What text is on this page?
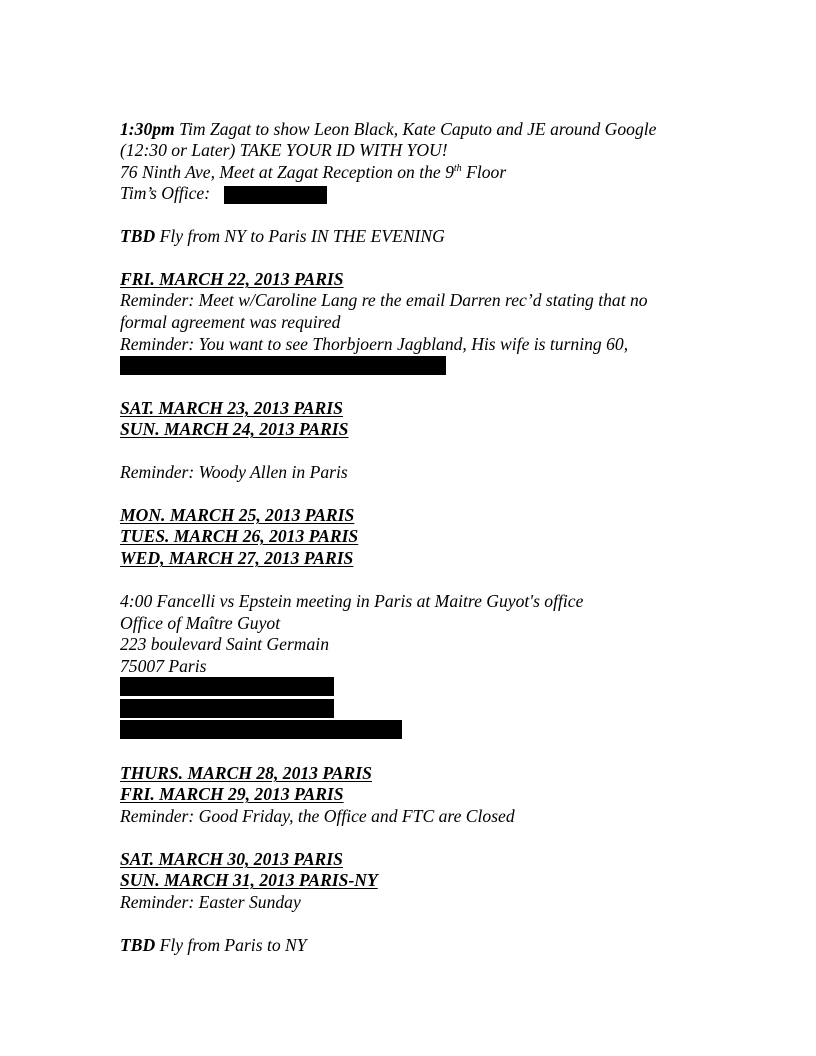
1:30pm Tim Zagat to show Leon Black, Kate Caputo and JE around Google
(12:30 or Later) TAKE YOUR ID WITH YOU!
76 Ninth Ave, Meet at Zagat Reception on the 9th Floor
Tim’s Office:
TBD Fly from NY to Paris IN THE EVENING
FRI. MARCH 22, 2013 PARIS
Reminder: Meet w/Caroline Lang re the email Darren rec’d stating that no
formal agreement was required
Reminder: You want to see Thorbjoern Jagbland, His wife is turning 60,
SAT. MARCH 23, 2013 PARIS
SUN. MARCH 24, 2013 PARIS
Reminder: Woody Allen in Paris
MON. MARCH 25, 2013 PARIS
TUES. MARCH 26, 2013 PARIS
WED, MARCH 27, 2013 PARIS
4:00 Fancelli vs Epstein meeting in Paris at Maitre Guyot's office
Office of Maître Guyot
223 boulevard Saint Germain
75007 Paris
THURS. MARCH 28, 2013 PARIS
FRI. MARCH 29, 2013 PARIS
Reminder: Good Friday, the Office and FTC are Closed
SAT. MARCH 30, 2013 PARIS
SUN. MARCH 31, 2013 PARIS-NY
Reminder: Easter Sunday
TBD Fly from Paris to NY
